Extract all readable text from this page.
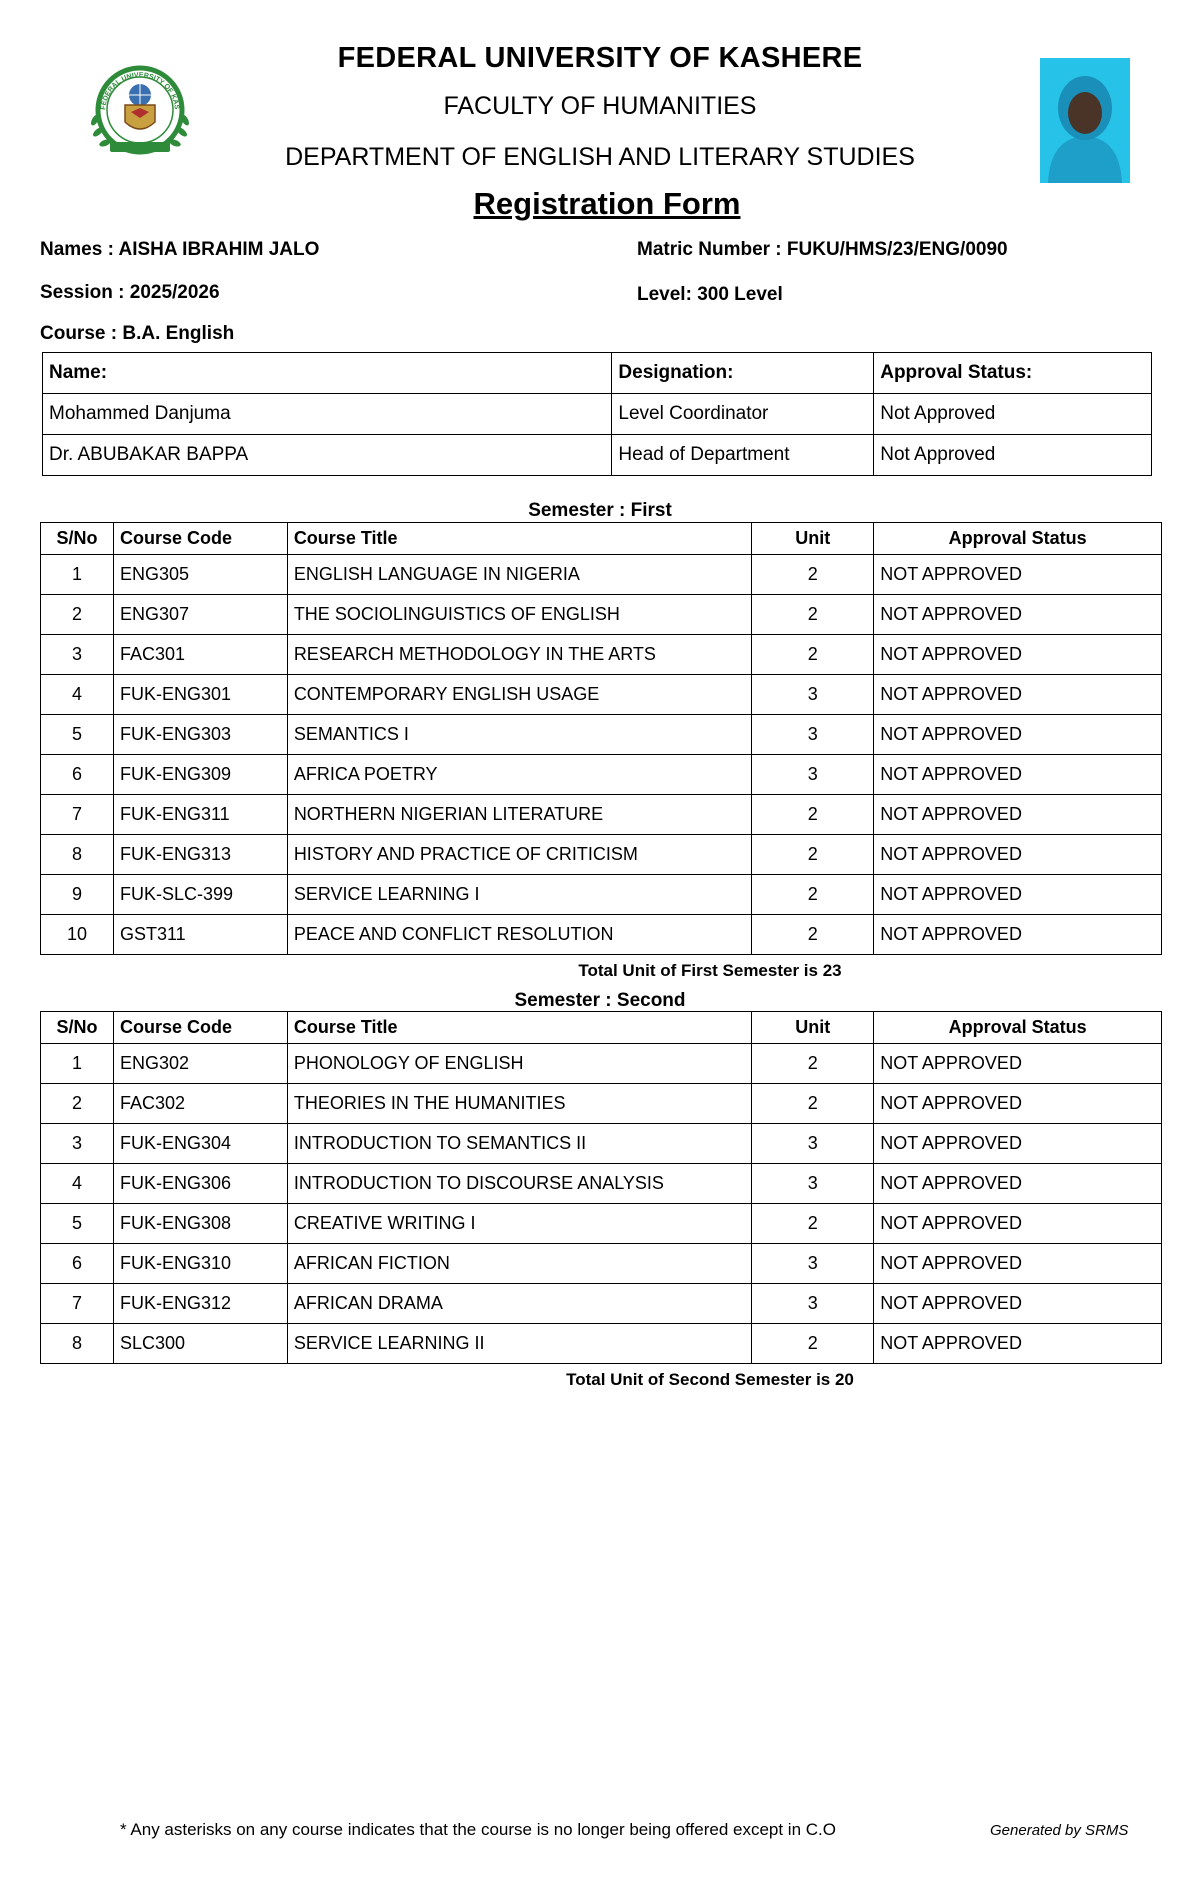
FEDERAL UNIVERSITY OF KAS
FEDERAL UNIVERSITY OF KASHERE
FACULTY OF HUMANITIES
DEPARTMENT OF ENGLISH AND LITERARY STUDIES
Registration Form
Names : AISHA IBRAHIM JALO	Matric Number : FUKU/HMS/23/ENG/0090
Session : 2025/2026	Level: 300 Level
Course : B.A. English
Name:	Designation:	Approval Status:
Mohammed Danjuma	Level Coordinator	Not Approved
Dr. ABUBAKAR BAPPA	Head of Department	Not Approved
Semester : First
S/No	Course Code	Course Title	Unit	Approval Status
1	ENG305	ENGLISH LANGUAGE IN NIGERIA	2	NOT APPROVED
2	ENG307	THE SOCIOLINGUISTICS OF ENGLISH	2	NOT APPROVED
3	FAC301	RESEARCH METHODOLOGY IN THE ARTS	2	NOT APPROVED
4	FUK-ENG301	CONTEMPORARY ENGLISH USAGE	3	NOT APPROVED
5	FUK-ENG303	SEMANTICS I	3	NOT APPROVED
6	FUK-ENG309	AFRICA POETRY	3	NOT APPROVED
7	FUK-ENG311	NORTHERN NIGERIAN LITERATURE	2	NOT APPROVED
8	FUK-ENG313	HISTORY AND PRACTICE OF CRITICISM	2	NOT APPROVED
9	FUK-SLC-399	SERVICE LEARNING I	2	NOT APPROVED
10	GST311	PEACE AND CONFLICT RESOLUTION	2	NOT APPROVED
Total Unit of First Semester is 23
Semester : Second
S/No	Course Code	Course Title	Unit	Approval Status
1	ENG302	PHONOLOGY OF ENGLISH	2	NOT APPROVED
2	FAC302	THEORIES IN THE HUMANITIES	2	NOT APPROVED
3	FUK-ENG304	INTRODUCTION TO SEMANTICS II	3	NOT APPROVED
4	FUK-ENG306	INTRODUCTION TO DISCOURSE ANALYSIS	3	NOT APPROVED
5	FUK-ENG308	CREATIVE WRITING I	2	NOT APPROVED
6	FUK-ENG310	AFRICAN FICTION	3	NOT APPROVED
7	FUK-ENG312	AFRICAN DRAMA	3	NOT APPROVED
8	SLC300	SERVICE LEARNING II	2	NOT APPROVED
Total Unit of Second Semester is 20
* Any asterisks on any course indicates that the course is no longer being offered except in C.O	Generated by SRMS
